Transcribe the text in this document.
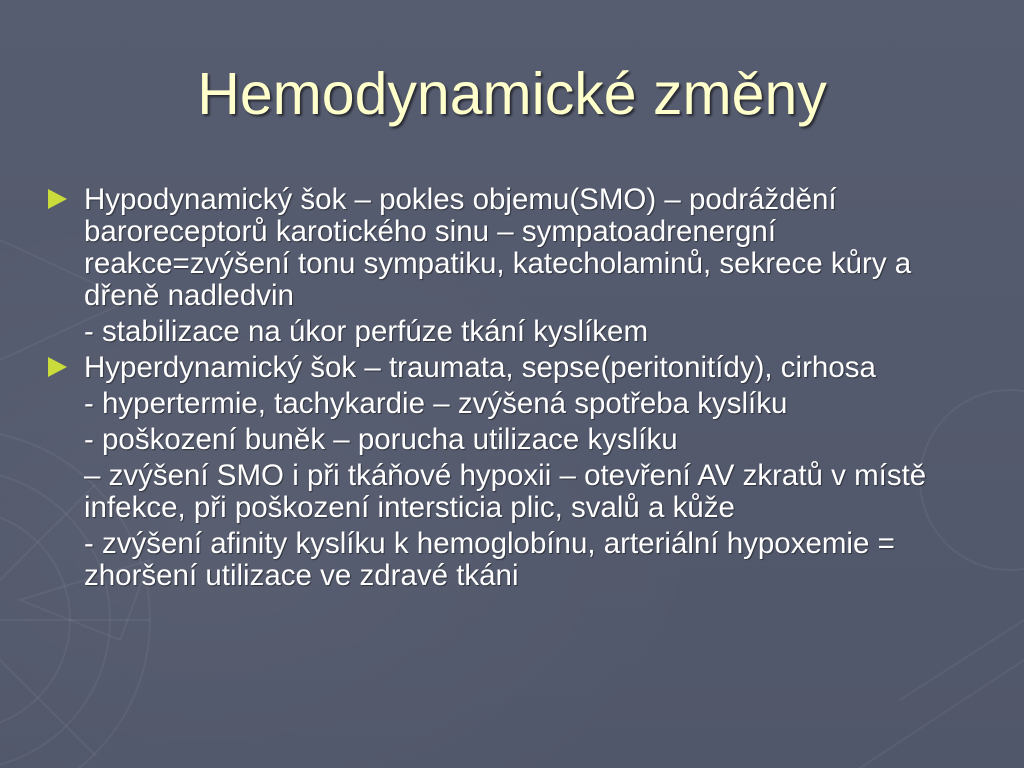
Hemodynamické změny
Hypodynamický šok – pokles objemu(SMO) – podráždění baroreceptorů karotického sinu – sympatoadrenergní reakce=zvýšení tonu sympatiku, katecholaminů, sekrece kůry a dřeně nadledvin
- stabilizace na úkor perfúze tkání kyslíkem
Hyperdynamický šok – traumata, sepse(peritonitídy), cirhosa
- hypertermie, tachykardie – zvýšená spotřeba kyslíku
- poškození buněk – porucha utilizace kyslíku
– zvýšení SMO i při tkáňové hypoxii – otevření AV zkratů v místě infekce, při poškození intersticia plic, svalů a kůže
- zvýšení afinity kyslíku k hemoglobínu, arteriální hypoxemie = zhoršení utilizace ve zdravé tkáni
